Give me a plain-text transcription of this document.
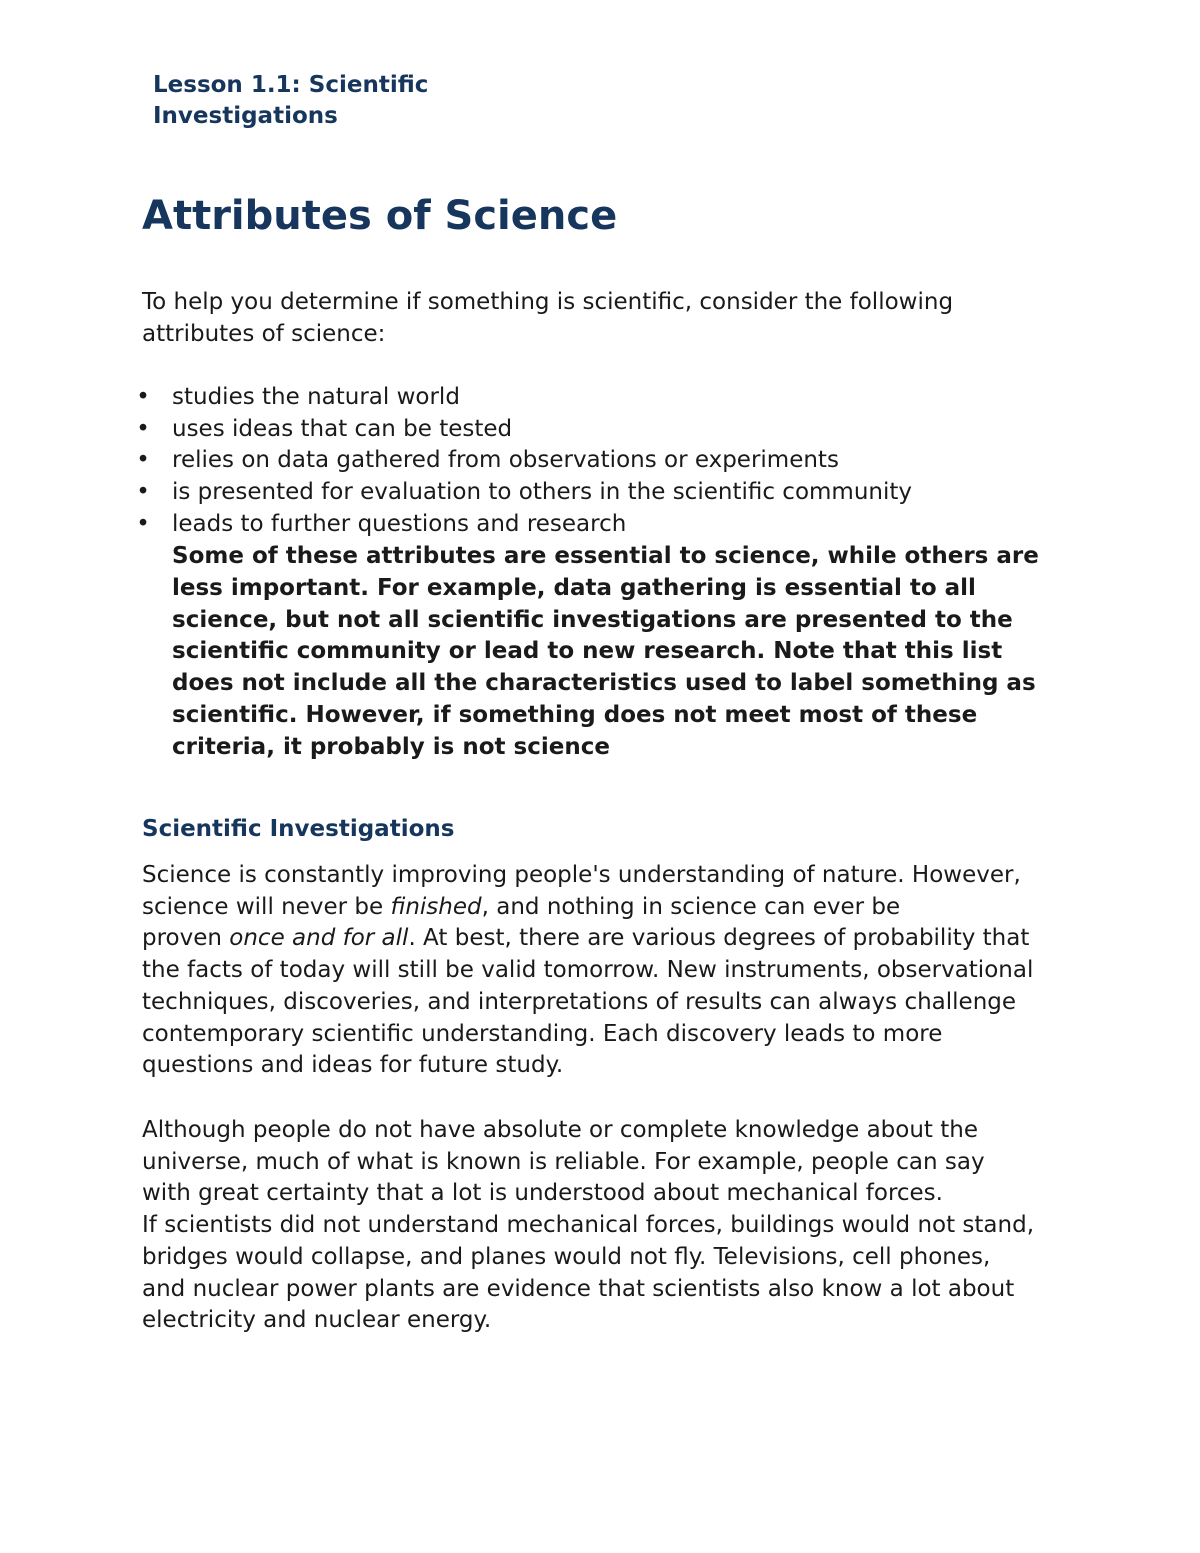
Lesson 1.1: Scientific
Investigations
Attributes of Science

To help you determine if something is scientific, consider the following
attributes of science:

• studies the natural world
• uses ideas that can be tested
• relies on data gathered from observations or experiments
• is presented for evaluation to others in the scientific community
• leads to further questions and research

Some of these attributes are essential to science, while others are
less important. For example, data gathering is essential to all
science, but not all scientific investigations are presented to the
scientific community or lead to new research. Note that this list
does not include all the characteristics used to label something as
scientific. However, if something does not meet most of these
criteria, it probably is not science

Scientific Investigations

Science is constantly improving people's understanding of nature. However,
science will never be finished, and nothing in science can ever be
proven once and for all. At best, there are various degrees of probability that
the facts of today will still be valid tomorrow. New instruments, observational
techniques, discoveries, and interpretations of results can always challenge
contemporary scientific understanding. Each discovery leads to more
questions and ideas for future study.

Although people do not have absolute or complete knowledge about the
universe, much of what is known is reliable. For example, people can say
with great certainty that a lot is understood about mechanical forces.
If scientists did not understand mechanical forces, buildings would not stand,
bridges would collapse, and planes would not fly. Televisions, cell phones,
and nuclear power plants are evidence that scientists also know a lot about
electricity and nuclear energy.
